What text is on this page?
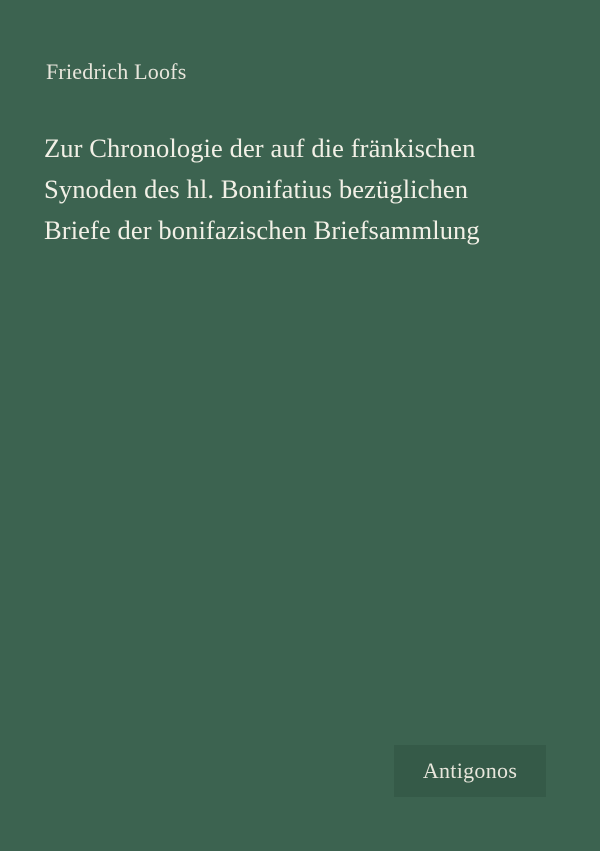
Friedrich Loofs
Zur Chronologie der auf die fränkischen Synoden des hl. Bonifatius bezüglichen Briefe der bonifazischen Briefsammlung
Antigonos
